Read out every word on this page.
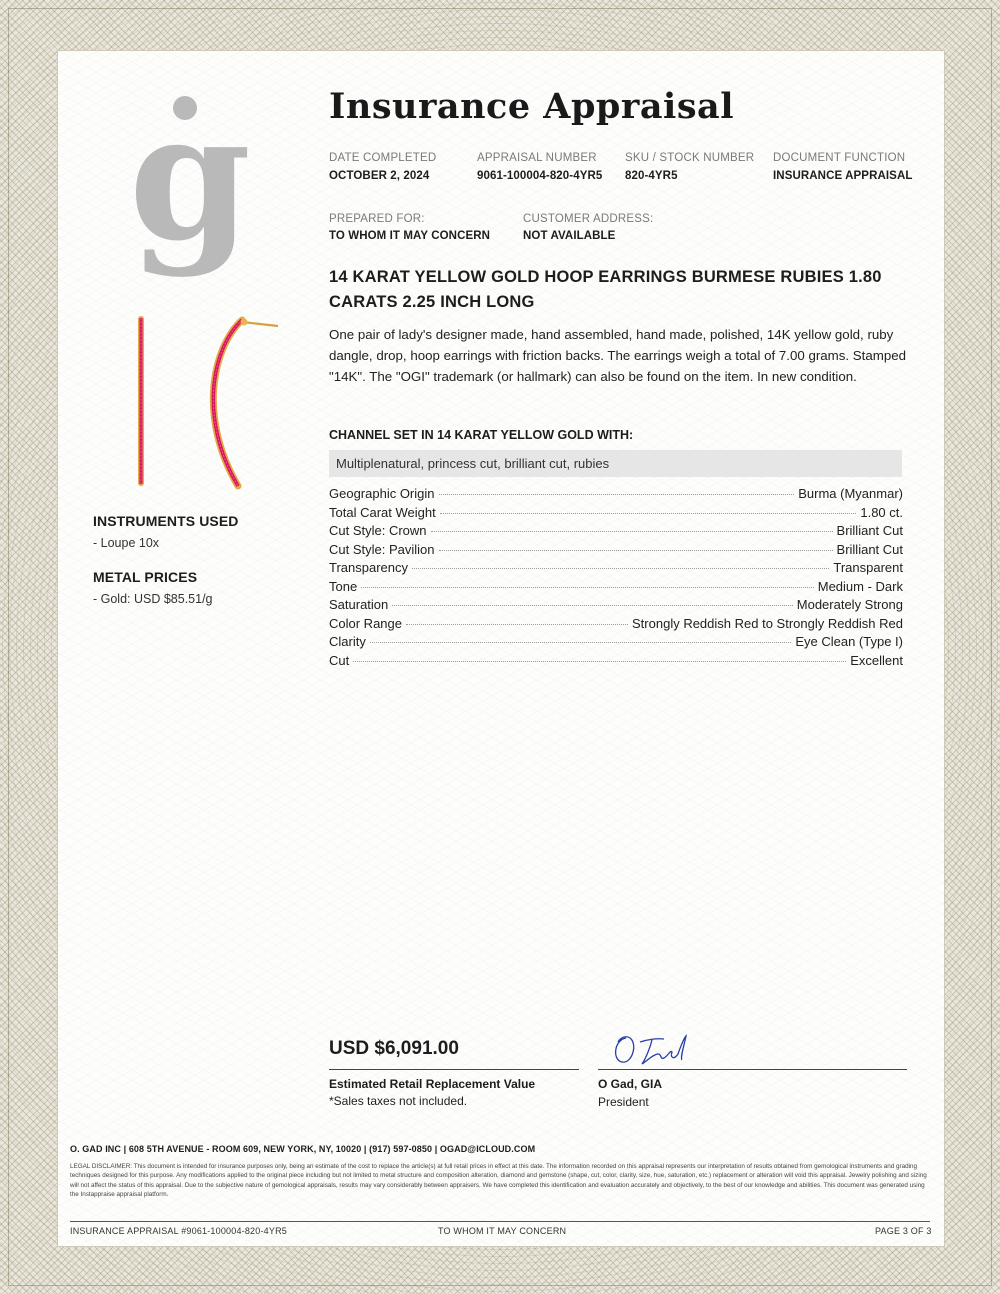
g
INSTRUMENTS USED
- Loupe 10x
METAL PRICES
- Gold: USD $85.51/g
Insurance Appraisal
DATE COMPLETED
OCTOBER 2, 2024
APPRAISAL NUMBER
9061-100004-820-4YR5
SKU / STOCK NUMBER
820-4YR5
DOCUMENT FUNCTION
INSURANCE APPRAISAL
PREPARED FOR:
TO WHOM IT MAY CONCERN
CUSTOMER ADDRESS:
NOT AVAILABLE
14 KARAT YELLOW GOLD HOOP EARRINGS BURMESE RUBIES 1.80 CARATS 2.25 INCH LONG

One pair of lady's designer made, hand assembled, hand made, polished, 14K yellow gold, ruby dangle, drop, hoop earrings with friction backs. The earrings weigh a total of 7.00 grams. Stamped "14K". The "OGI" trademark (or hallmark) can also be found on the item. In new condition.

CHANNEL SET IN 14 KARAT YELLOW GOLD WITH:
Multiplenatural, princess cut, brilliant cut, rubies
Geographic Origin	Burma (Myanmar)
Total Carat Weight	1.80 ct.
Cut Style: Crown	Brilliant Cut
Cut Style: Pavilion	Brilliant Cut
Transparency	Transparent
Tone	Medium - Dark
Saturation	Moderately Strong
Color Range	Strongly Reddish Red to Strongly Reddish Red
Clarity	Eye Clean (Type I)
Cut	Excellent
USD $6,091.00
Estimated Retail Replacement Value
*Sales taxes not included.
O Gad, GIA
President
O. GAD INC | 608 5TH AVENUE - ROOM 609, NEW YORK, NY, 10020 | (917) 597-0850 | OGAD@ICLOUD.COM

LEGAL DISCLAIMER: This document is intended for insurance purposes only, being an estimate of the cost to replace the article(s) at full retail prices in effect at this date. The information recorded on this appraisal represents our interpretation of results obtained from gemological instruments and grading techniques designed for this purpose. Any modifications applied to the original piece including but not limited to metal structure and composition alteration, diamond and gemstone (shape, cut, color, clarity, size, hue, saturation, etc.) replacement or alteration will void this appraisal. Jewelry polishing and sizing will not affect the status of this appraisal. Due to the subjective nature of gemological appraisals, results may vary considerably between appraisers. We have completed this identification and evaluation accurately and objectively, to the best of our knowledge and abilities. This document was generated using the Instappraise appraisal platform.

INSURANCE APPRAISAL #9061-100004-820-4YR5	TO WHOM IT MAY CONCERN	PAGE 3 OF 3
